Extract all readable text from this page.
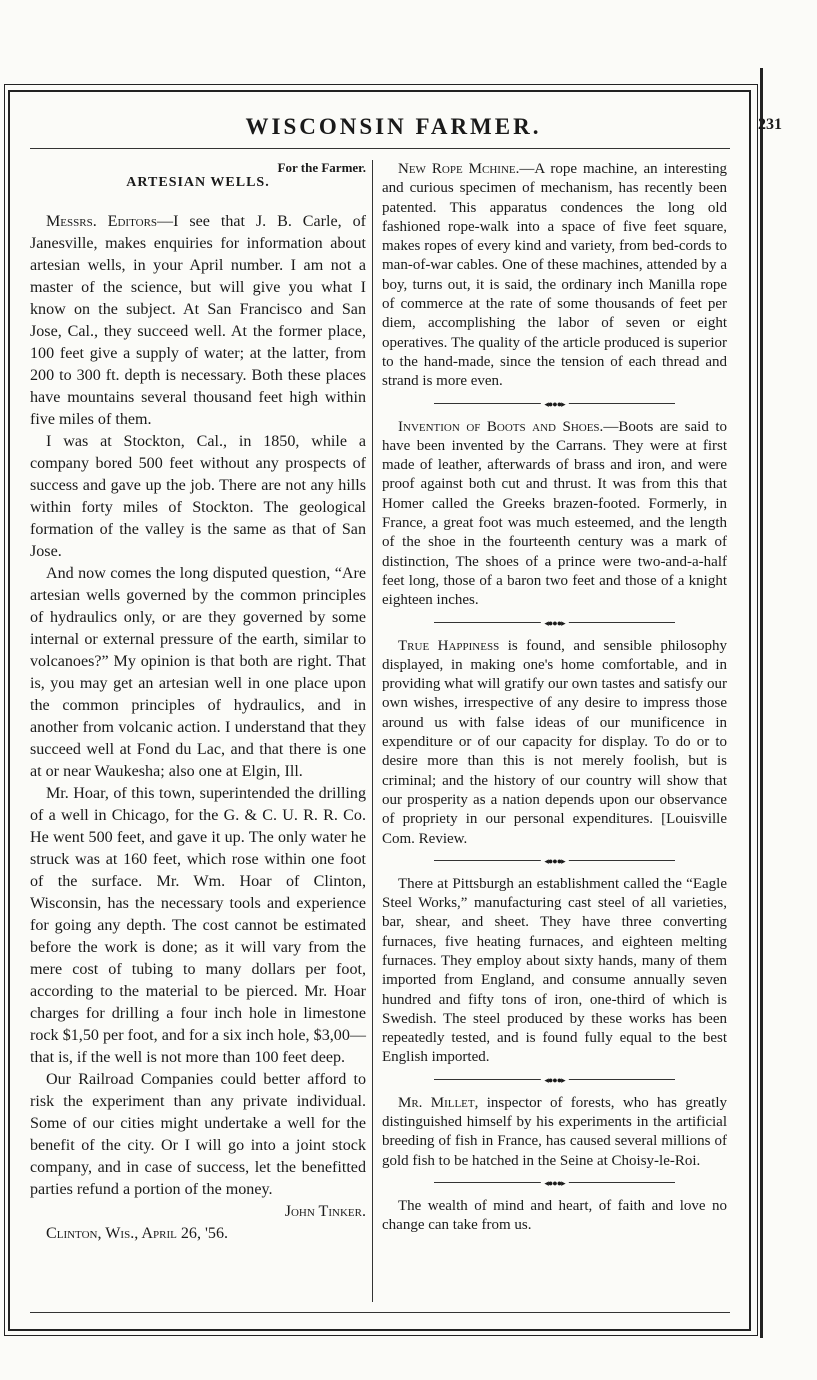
WISCONSIN FARMER.	231

For the Farmer.

ARTESIAN WELLS.

Messrs. Editors—I see that J. B. Carle, of Janesville, makes enquiries for information about artesian wells, in your April number. I am not a master of the science, but will give you what I know on the subject. At San Francisco and San Jose, Cal., they succeed well. At the former place, 100 feet give a supply of water; at the latter, from 200 to 300 ft. depth is necessary. Both these places have mountains several thousand feet high within five miles of them.

I was at Stockton, Cal., in 1850, while a company bored 500 feet without any prospects of success and gave up the job. There are not any hills within forty miles of Stockton. The geological formation of the valley is the same as that of San Jose.

And now comes the long disputed question, “Are artesian wells governed by the common principles of hydraulics only, or are they governed by some internal or external pressure of the earth, similar to volcanoes?” My opinion is that both are right. That is, you may get an artesian well in one place upon the common principles of hydraulics, and in another from volcanic action. I understand that they succeed well at Fond du Lac, and that there is one at or near Waukesha; also one at Elgin, Ill.

Mr. Hoar, of this town, superintended the drilling of a well in Chicago, for the G. & C. U. R. R. Co. He went 500 feet, and gave it up. The only water he struck was at 160 feet, which rose within one foot of the surface. Mr. Wm. Hoar of Clinton, Wisconsin, has the necessary tools and experience for going any depth. The cost cannot be estimated before the work is done; as it will vary from the mere cost of tubing to many dollars per foot, according to the material to be pierced. Mr. Hoar charges for drilling a four inch hole in limestone rock $1,50 per foot, and for a six inch hole, $3,00—that is, if the well is not more than 100 feet deep.

Our Railroad Companies could better afford to risk the experiment than any private individual. Some of our cities might undertake a well for the benefit of the city. Or I will go into a joint stock company, and in case of success, let the benefitted parties refund a portion of the money.

John Tinker.

Clinton, Wis., April 26, '56.

New Rope Mchine.—A rope machine, an interesting and curious specimen of mechanism, has recently been patented. This apparatus condences the long old fashioned rope-walk into a space of five feet square, makes ropes of every kind and variety, from bed-cords to man-of-war cables. One of these machines, attended by a boy, turns out, it is said, the ordinary inch Manilla rope of commerce at the rate of some thousands of feet per diem, accomplishing the labor of seven or eight operatives. The quality of the article produced is superior to the hand-made, since the tension of each thread and strand is more even.

◂●●●▸

Invention of Boots and Shoes.—Boots are said to have been invented by the Carrans. They were at first made of leather, afterwards of brass and iron, and were proof against both cut and thrust. It was from this that Homer called the Greeks brazen-footed. Formerly, in France, a great foot was much esteemed, and the length of the shoe in the fourteenth century was a mark of distinction, The shoes of a prince were two-and-a-half feet long, those of a baron two feet and those of a knight eighteen inches.

◂●●●▸

True Happiness is found, and sensible philosophy displayed, in making one's home comfortable, and in providing what will gratify our own tastes and satisfy our own wishes, irrespective of any desire to impress those around us with false ideas of our munificence in expenditure or of our capacity for display. To do or to desire more than this is not merely foolish, but is criminal; and the history of our country will show that our prosperity as a nation depends upon our observance of propriety in our personal expenditures. [Louisville Com. Review.

◂●●●▸

There at Pittsburgh an establishment called the “Eagle Steel Works,” manufacturing cast steel of all varieties, bar, shear, and sheet. They have three converting furnaces, five heating furnaces, and eighteen melting furnaces. They employ about sixty hands, many of them imported from England, and consume annually seven hundred and fifty tons of iron, one-third of which is Swedish. The steel produced by these works has been repeatedly tested, and is found fully equal to the best English imported.

◂●●●▸

Mr. Millet, inspector of forests, who has greatly distinguished himself by his experiments in the artificial breeding of fish in France, has caused several millions of gold fish to be hatched in the Seine at Choisy-le-Roi.

◂●●●▸

The wealth of mind and heart, of faith and love no change can take from us.
